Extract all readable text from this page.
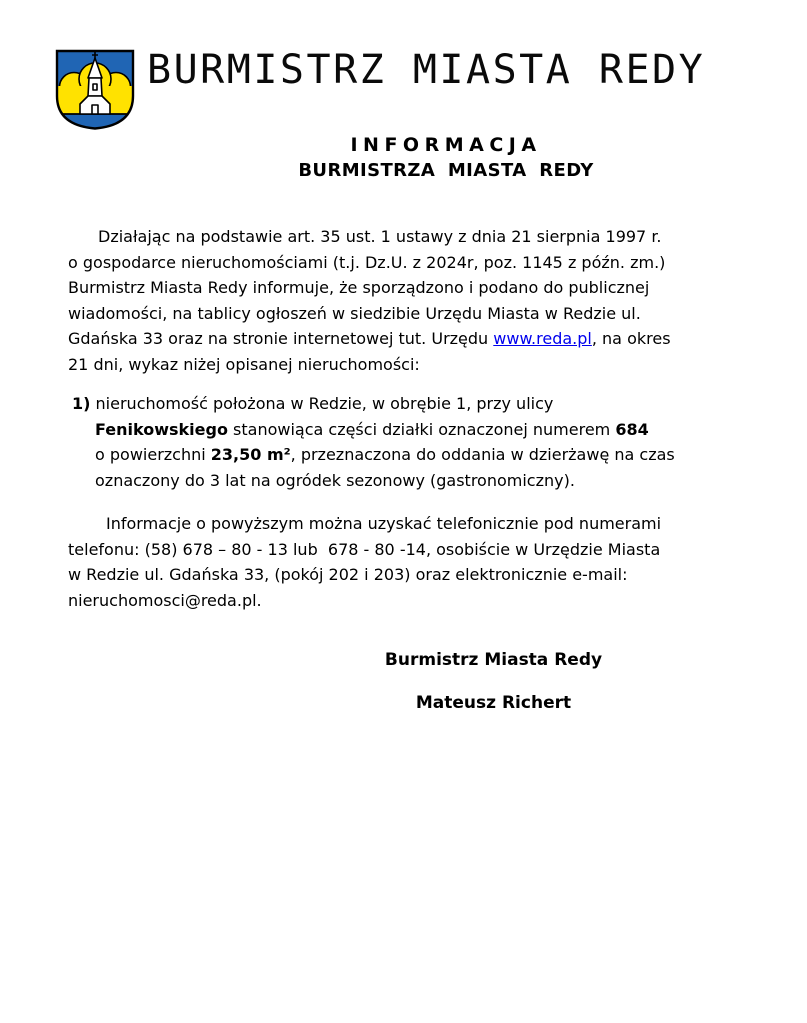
BURMISTRZ MIASTA REDY
INFORMACJA
BURMISTRZA MIASTA REDY
Działając na podstawie art. 35 ust. 1 ustawy z dnia 21 sierpnia 1997 r.
o gospodarce nieruchomościami (t.j. Dz.U. z 2024r, poz. 1145 z późn. zm.)
Burmistrz Miasta Redy informuje, że sporządzono i podano do publicznej
wiadomości, na tablicy ogłoszeń w siedzibie Urzędu Miasta w Redzie ul.
Gdańska 33 oraz na stronie internetowej tut. Urzędu www.reda.pl, na okres
21 dni, wykaz niżej opisanej nieruchomości:
1) nieruchomość położona w Redzie, w obrębie 1, przy ulicy
Fenikowskiego stanowiąca części działki oznaczonej numerem 684
o powierzchni 23,50 m², przeznaczona do oddania w dzierżawę na czas
oznaczony do 3 lat na ogródek sezonowy (gastronomiczny).
Informacje o powyższym można uzyskać telefonicznie pod numerami
telefonu: (58) 678 – 80 - 13 lub  678 - 80 -14, osobiście w Urzędzie Miasta
w Redzie ul. Gdańska 33, (pokój 202 i 203) oraz elektronicznie e-mail:
nieruchomosci@reda.pl.
Burmistrz Miasta Redy
Mateusz Richert
